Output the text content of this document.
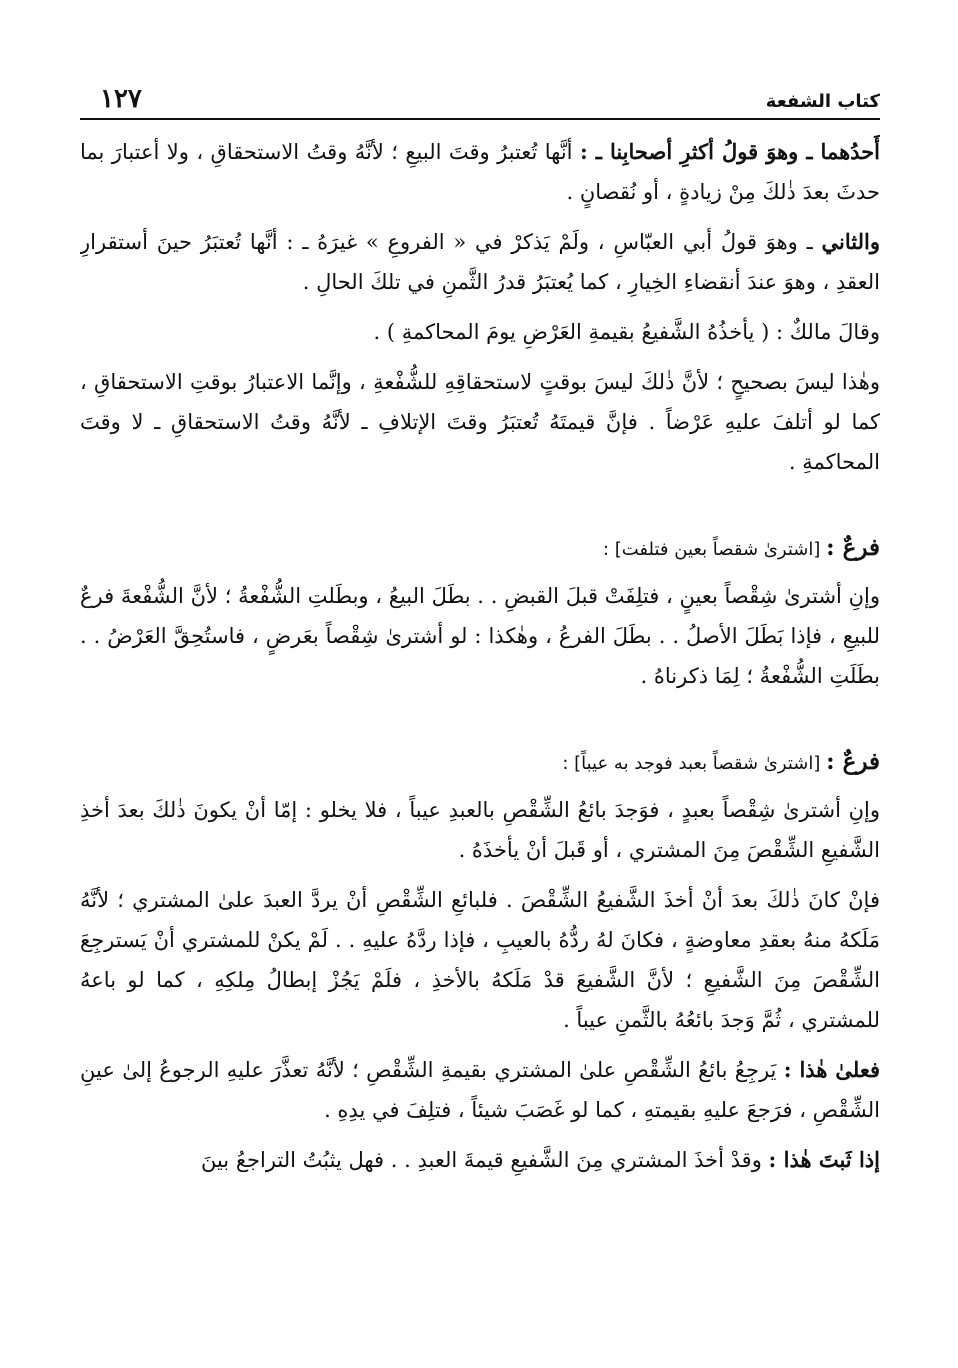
كتاب الشفعة
١٢٧

أَحدُهما ـ وهوَ قولُ أكثرِ أصحابِنا ـ : أنَّها تُعتبرُ وقتَ البيعِ ؛ لأنَّهُ وقتُ الاستحقاقِ ، ولا أعتبارَ بما حدثَ بعدَ ذٰلكَ مِنْ زيادةٍ ، أو نُقصانٍ .

والثاني ـ وهوَ قولُ أبي العبّاسِ ، ولَمْ يَذكرْ في « الفروعِ » غيرَهُ ـ : أنَّها تُعتبَرُ حينَ أستقرارِ العقدِ ، وهوَ عندَ أنقضاءِ الخِيارِ ، كما يُعتبَرُ قدرُ الثَّمنِ في تلكَ الحالِ .

وقالَ مالكٌ : ( يأخذُهُ الشَّفيعُ بقيمةِ العَرْضِ يومَ المحاكمةِ ) .

وهٰذا ليسَ بصحيحٍ ؛ لأنَّ ذٰلكَ ليسَ بوقتٍ لاستحقاقِهِ للشُّفْعةِ ، وإنَّما الاعتبارُ بوقتِ الاستحقاقِ ، كما لو أتلفَ عليهِ عَرْضاً . فإنَّ قيمتَهُ تُعتبَرُ وقتَ الإتلافِ ـ لأنَّهُ وقتُ الاستحقاقِ ـ لا وقتَ المحاكمةِ .

فرعٌ : [اشترىٰ شقصاً بعين فتلفت] :

وإنِ أشترىٰ شِقْصاً بعينٍ ، فتلِفَتْ قبلَ القبضِ . . بطَلَ البيعُ ، وبطَلتِ الشُّفْعةُ ؛ لأنَّ الشُّفْعةَ فرعٌ للبيعِ ، فإذا بَطَلَ الأصلُ . . بطَلَ الفرعُ ، وهٰكذا : لو أشترىٰ شِقْصاً بعَرضٍ ، فاستُحِقَّ العَرْضُ . . بطَلَتِ الشُّفْعةُ ؛ لِمَا ذكرناهُ .

فرعٌ : [اشترىٰ شقصاً بعبد فوجد به عيباً] :

وإنِ أشترىٰ شِقْصاً بعبدٍ ، فوَجدَ بائعُ الشِّقْصِ بالعبدِ عيباً ، فلا يخلو : إمّا أنْ يكونَ ذٰلكَ بعدَ أخذِ الشَّفيعِ الشِّقْصَ مِنَ المشتري ، أو قَبلَ أنْ يأخذَهُ .

فإنْ كانَ ذٰلكَ بعدَ أنْ أخذَ الشَّفيعُ الشِّقْصَ . فلبائعِ الشِّقْصِ أنْ يردَّ العبدَ علىٰ المشتري ؛ لأنَّهُ مَلَكهُ منهُ بعقدِ معاوضةٍ ، فكانَ لهُ ردُّهُ بالعيبِ ، فإذا ردَّهُ عليهِ . . لَمْ يكنْ للمشتري أنْ يَسترجِعَ الشِّقْصَ مِنَ الشَّفيعِ ؛ لأنَّ الشَّفيعَ قدْ مَلَكهُ بالأخذِ ، فلَمْ يَجُزْ إبطالُ مِلكِهِ ، كما لو باعهُ للمشتري ، ثُمَّ وَجدَ بائعُهُ بالثَّمنِ عيباً .

فعلىٰ هٰذا : يَرجِعُ بائعُ الشِّقْصِ علىٰ المشتري بقيمةِ الشِّقْصِ ؛ لأنَّهُ تعذَّرَ عليهِ الرجوعُ إلىٰ عينِ الشِّقْصِ ، فرَجعَ عليهِ بقيمتهِ ، كما لو غَصَبَ شيئاً ، فتلِفَ في يدِهِ .

إذا ثَبتَ هٰذا : وقدْ أخذَ المشتري مِنَ الشَّفيعِ قيمةَ العبدِ . . فهل يثبُتُ التراجعُ بينَ
